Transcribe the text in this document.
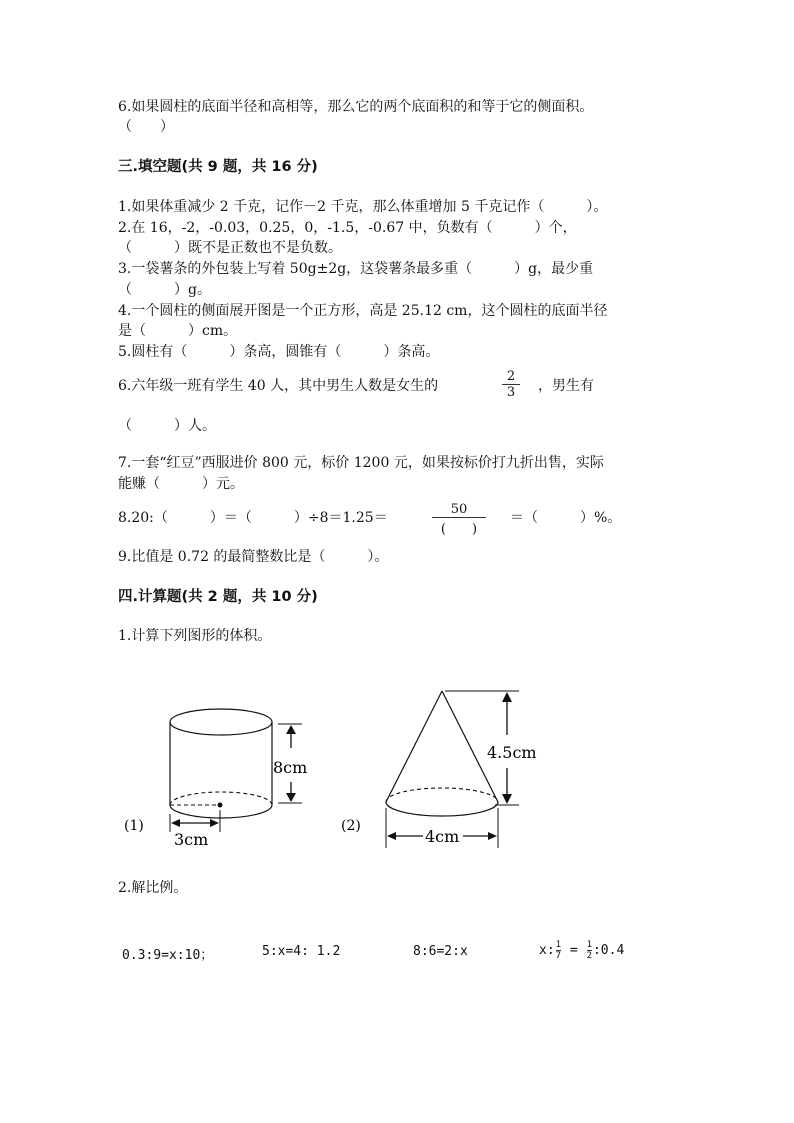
6.如果圆柱的底面半径和高相等，那么它的两个底面积的和等于它的侧面积。
（　　）
三.填空题(共 9 题，共 16 分)
1.如果体重减少 2 千克，记作－2 千克，那么体重增加 5 千克记作（　　　）。
2.在 16，-2，-0.03，0.25，0，-1.5，-0.67 中，负数有（　　　）个，
（　　　）既不是正数也不是负数。
3.一袋薯条的外包装上写着 50g±2g，这袋薯条最多重（　　　）g，最少重
（　　　）g。
4.一个圆柱的侧面展开图是一个正方形，高是 25.12 cm，这个圆柱的底面半径
是（　　　）cm。
5.圆柱有（　　　）条高，圆锥有（　　　）条高。
6.六年级一班有学生 40 人，其中男生人数是女生的	$\frac{2}{3}$ ，男生有
（　　　）人。
7.一套“红豆”西服进价 800 元，标价 1200 元，如果按标价打九折出售，实际
能赚（　　　）元。
8.20:（　　　）＝（　　　）÷8＝1.25＝
50
(　　)
＝（　　　）%。
9.比值是 0.72 的最简整数比是（　　　）。
四.计算题(共 2 题，共 10 分)
1.计算下列图形的体积。
8cm
3cm
(1)
4.5cm
4cm
(2)
2.解比例。
0.3:9=x:10；	5:x=4: 1.2	8:6=2:x	x: $\frac{1}{7} = \frac{1}{2}$ :0.4
